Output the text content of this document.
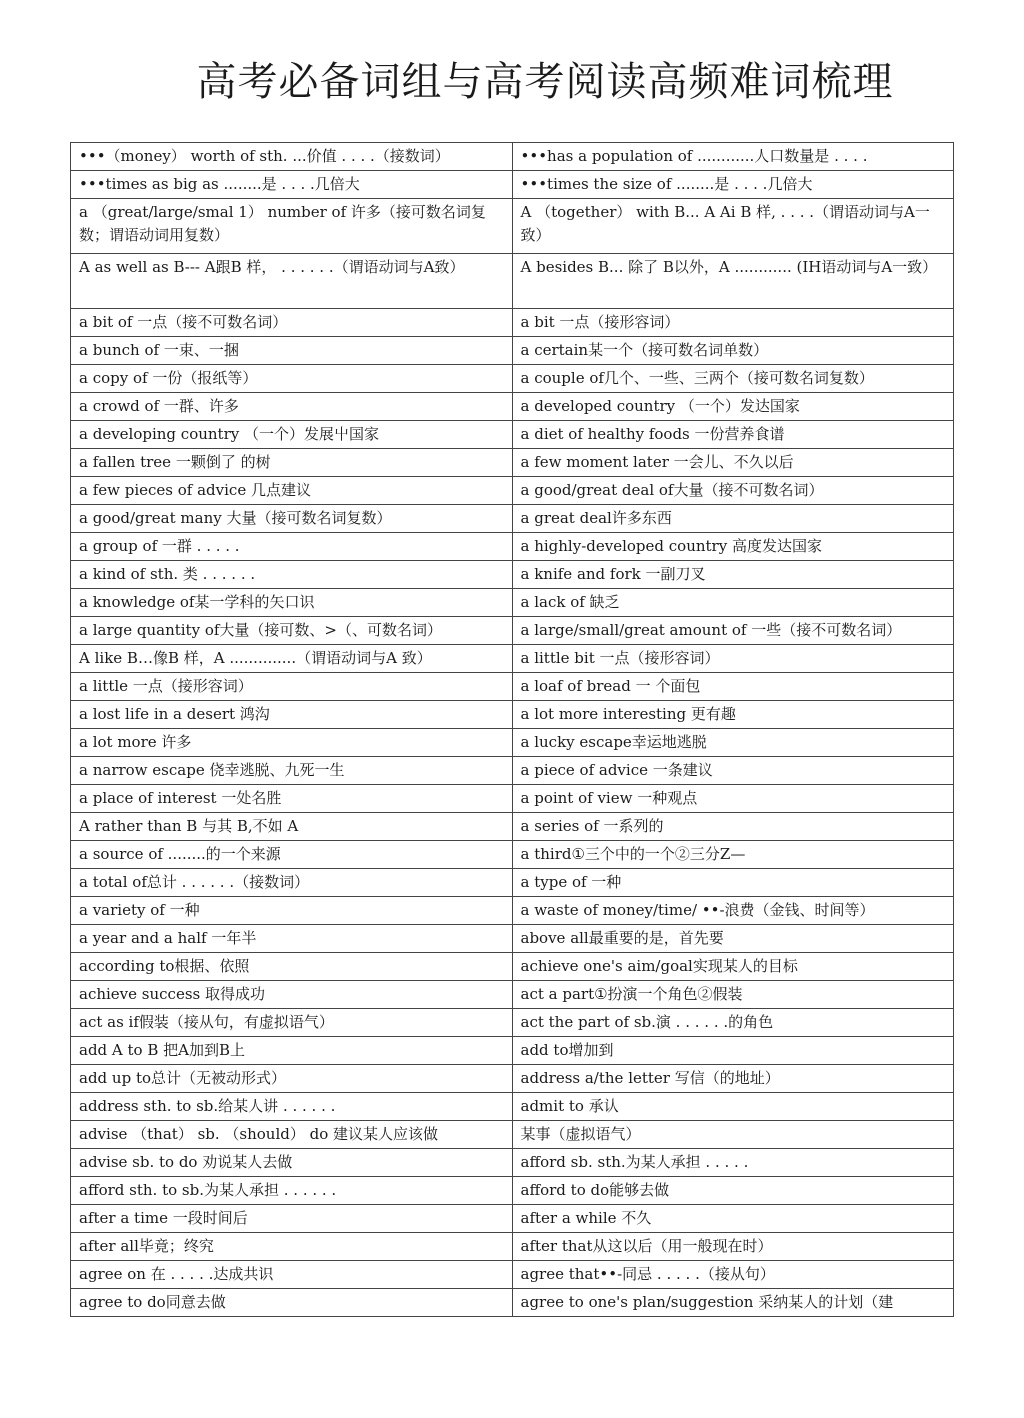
高考必备词组与高考阅读高频难词梳理
•••（money） worth of sth. ...价值 . . . .（接数词）	•••has a population of ............人口数量是 . . . .
•••times as big as ........是 . . . .几倍大	•••times the size of ........是 . . . .几倍大
a （great/large/smal 1） number of 许多（接可数名词复 数；谓语动词用复数）	A （together） with B... A Ai B 样, . . . .（谓语动词与A一致）
A as well as B--- A跟B 样， . . . . . .（谓语动词与A致）	A besides B... 除了 B以外，A ............ (IH语动词与A一致）
a bit of 一点（接不可数名词）	a bit 一点（接形容词）
a bunch of 一束、一捆	a certain某一个（接可数名词单数）
a copy of 一份（报纸等）	a couple of几个、一些、三两个（接可数名词复数）
a crowd of 一群、许多	a developed country （一个）发达国家
a developing country （一个）发展屮国家	a diet of healthy foods 一份营养食谱
a fallen tree 一颗倒了 的树	a few moment later 一会儿、不久以后
a few pieces of advice 几点建议	a good/great deal of大量（接不可数名词）
a good/great many 大量（接可数名词复数）	a great deal许多东西
a group of 一群 . . . . .	a highly-developed country 高度发达国家
a kind of sth. 类 . . . . . .	a knife and fork 一副刀叉
a knowledge of某一学科的矢口识	a lack of 缺乏
a large quantity of大量（接可数、>（、可数名词）	a large/small/great amount of 一些（接不可数名词）
A like B…像B 样，A ..............（谓语动词与A 致）	a little bit 一点（接形容词）
a little 一点（接形容词）	a loaf of bread 一 个面包
a lost life in a desert 鸿沟	a lot more interesting 更有趣
a lot more 许多	a lucky escape幸运地逃脱
a narrow escape 侥幸逃脱、九死一生	a piece of advice 一条建议
a place of interest 一处名胜	a point of view 一种观点
A rather than B 与其 B,不如 A	a series of 一系列的
a source of ........的一个来源	a third①三个中的一个②三分Z—
a total of总计 . . . . . .（接数词）	a type of 一种
a variety of 一种	a waste of money/time/ ••-浪费（金钱、时间等）
a year and a half 一年半	above all最重要的是，首先要
according to根据、依照	achieve one's aim/goal实现某人的目标
achieve success 取得成功	act a part①扮演一个角色②假装
act as if假装（接从句，有虚拟语气）	act the part of sb.演 . . . . . .的角色
add A to B 把A加到B上	add to增加到
add up to总计（无被动形式）	address a/the letter 写信（的地址）
address sth. to sb.给某人讲 . . . . . .	admit to 承认
advise （that） sb. （should） do 建议某人应该做	某事（虚拟语气）
advise sb. to do 劝说某人去做	afford sb. sth.为某人承担 . . . . .
afford sth. to sb.为某人承担 . . . . . .	afford to do能够去做
after a time 一段时间后	after a while 不久
after all毕竟；终究	after that从这以后（用一般现在时）
agree on 在 . . . . .达成共识	agree that••-同忌 . . . . .（接从句）
agree to do同意去做	agree to one's plan/suggestion 采纳某人的计划（建
